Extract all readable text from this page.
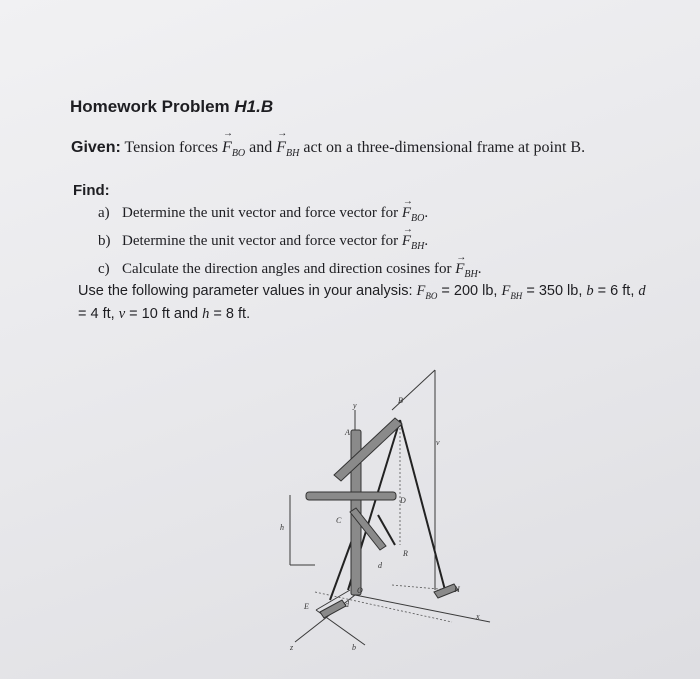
Homework Problem H1.B
Given: Tension forces → $F_{BO}$ and → $F_{BH}$ act on a three-dimensional frame at point B.
Find:
a) Determine the unit vector and force vector for → $F_{BO}$.
b) Determine the unit vector and force vector for → $F_{BH}$.
c) Calculate the direction angles and direction cosines for → $F_{BH}$.
Use the following parameter values in your analysis: $F_{BO} = 200$ lb, $F_{BH} = 350$ lb, b = 6 ft, d = 4 ft, v = 10 ft and h = 8 ft.
y
B
A
v
D
C
h
R
d
O	H
E	d
x
z	b
